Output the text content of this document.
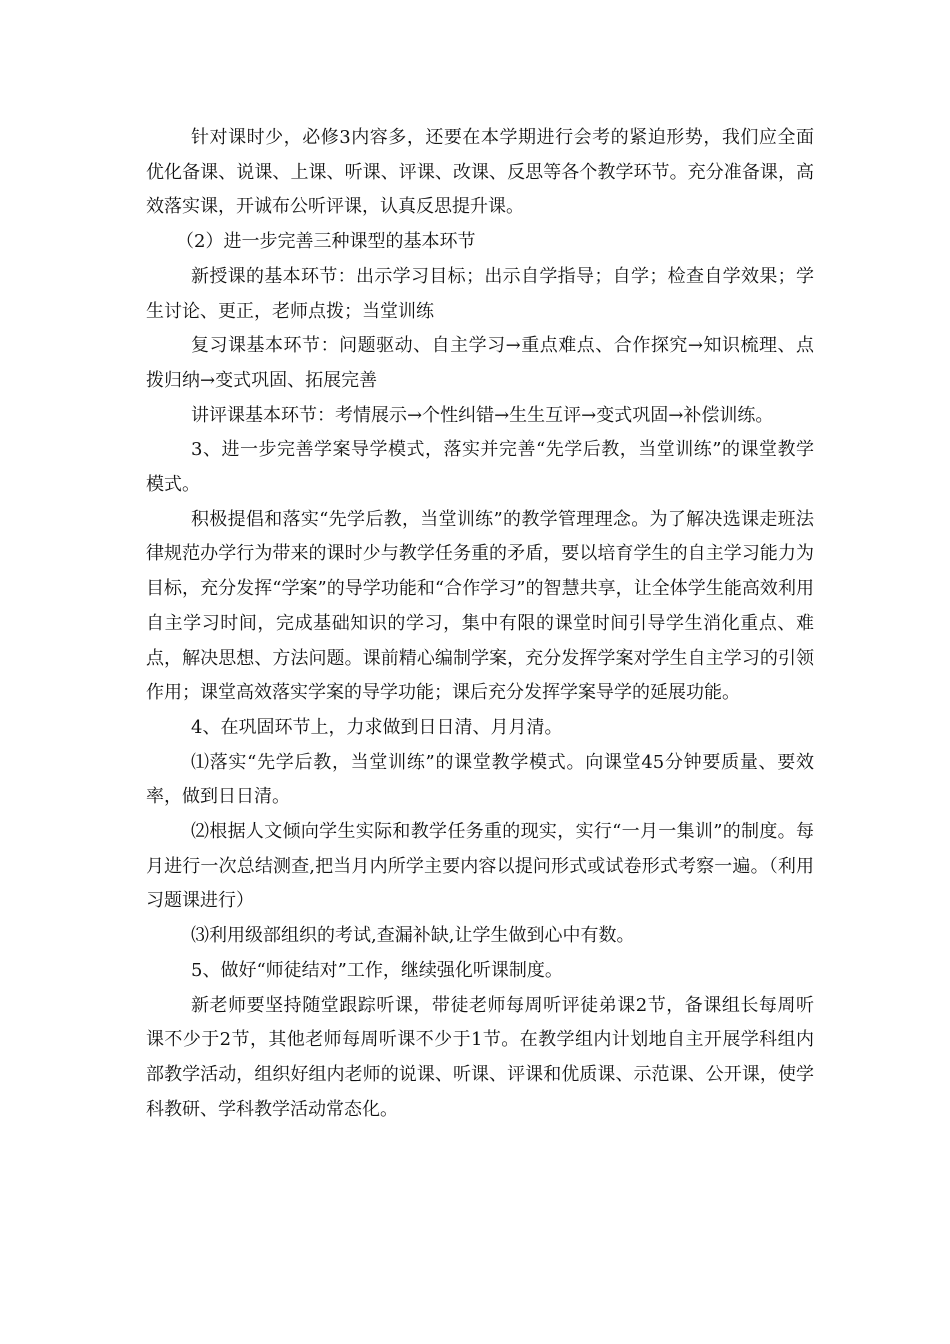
针对课时少，必修3内容多，还要在本学期进行会考的紧迫形势，我们应全面优化备课、说课、上课、听课、评课、改课、反思等各个教学环节。充分准备课，高效落实课，开诚布公听评课，认真反思提升课。

（2）进一步完善三种课型的基本环节

新授课的基本环节：出示学习目标；出示自学指导；自学；检查自学效果；学生讨论、更正，老师点拨；当堂训练

复习课基本环节：问题驱动、自主学习→重点难点、合作探究→知识梳理、点拨归纳→变式巩固、拓展完善

讲评课基本环节：考情展示→个性纠错→生生互评→变式巩固→补偿训练。

3、进一步完善学案导学模式，落实并完善“先学后教，当堂训练”的课堂教学模式。

积极提倡和落实“先学后教，当堂训练”的教学管理理念。为了解决选课走班法律规范办学行为带来的课时少与教学任务重的矛盾，要以培育学生的自主学习能力为目标，充分发挥“学案”的导学功能和“合作学习”的智慧共享，让全体学生能高效利用自主学习时间，完成基础知识的学习，集中有限的课堂时间引导学生消化重点、难点，解决思想、方法问题。课前精心编制学案，充分发挥学案对学生自主学习的引领作用；课堂高效落实学案的导学功能；课后充分发挥学案导学的延展功能。

4、在巩固环节上，力求做到日日清、月月清。

⑴落实“先学后教，当堂训练”的课堂教学模式。向课堂45分钟要质量、要效率，做到日日清。

⑵根据人文倾向学生实际和教学任务重的现实，实行“一月一集训”的制度。每月进行一次总结测查,把当月内所学主要内容以提问形式或试卷形式考察一遍。（利用习题课进行）

⑶利用级部组织的考试,查漏补缺,让学生做到心中有数。

5、做好“师徒结对”工作，继续强化听课制度。

新老师要坚持随堂跟踪听课，带徒老师每周听评徒弟课2节，备课组长每周听课不少于2节，其他老师每周听课不少于1节。在教学组内计划地自主开展学科组内部教学活动，组织好组内老师的说课、听课、评课和优质课、示范课、公开课，使学科教研、学科教学活动常态化。
